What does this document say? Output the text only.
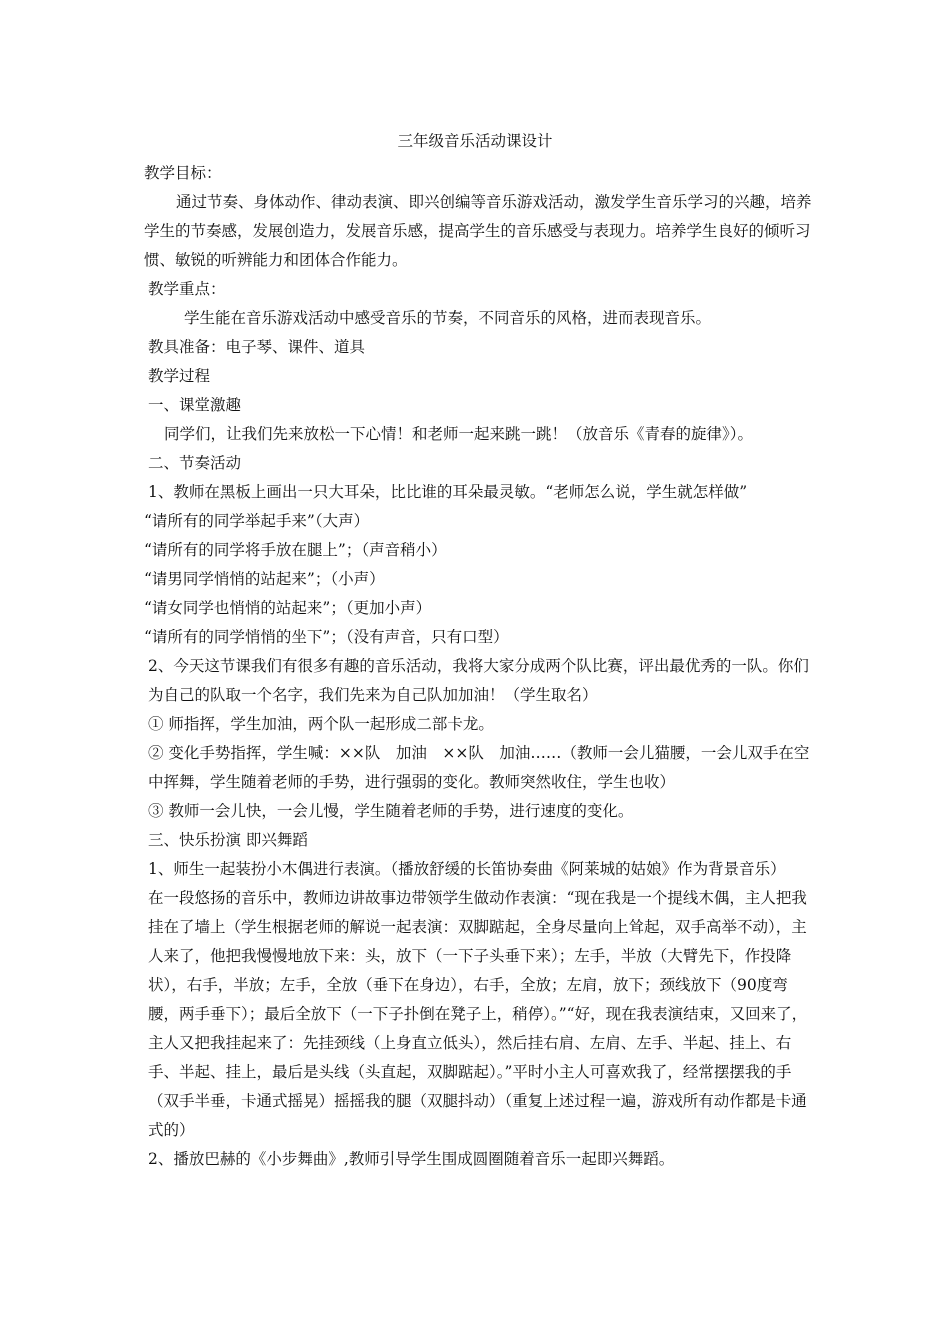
三年级音乐活动课设计

教学目标：

通过节奏、身体动作、律动表演、即兴创编等音乐游戏活动，激发学生音乐学习的兴趣，培养学生的节奏感，发展创造力，发展音乐感，提高学生的音乐感受与表现力。培养学生良好的倾听习惯、敏锐的听辨能力和团体合作能力。

教学重点：

学生能在音乐游戏活动中感受音乐的节奏，不同音乐的风格，进而表现音乐。

教具准备：电子琴、课件、道具

教学过程

一、课堂激趣

同学们，让我们先来放松一下心情！和老师一起来跳一跳！（放音乐《青春的旋律》）。

二、节奏活动

1、教师在黑板上画出一只大耳朵，比比谁的耳朵最灵敏。“老师怎么说，学生就怎样做”

“请所有的同学举起手来”（大声）

“请所有的同学将手放在腿上”；（声音稍小）

“请男同学悄悄的站起来”；（小声）

“请女同学也悄悄的站起来”；（更加小声）

“请所有的同学悄悄的坐下”；（没有声音，只有口型）

2、今天这节课我们有很多有趣的音乐活动，我将大家分成两个队比赛，评出最优秀的一队。你们为自己的队取一个名字，我们先来为自己队加加油！（学生取名）

① 师指挥，学生加油，两个队一起形成二部卡龙。

② 变化手势指挥，学生喊：××队　加油　××队　加油……（教师一会儿猫腰，一会儿双手在空中挥舞，学生随着老师的手势，进行强弱的变化。教师突然收住，学生也收）

③ 教师一会儿快，一会儿慢，学生随着老师的手势，进行速度的变化。

三、快乐扮演 即兴舞蹈

1、师生一起装扮小木偶进行表演。（播放舒缓的长笛协奏曲《阿莱城的姑娘》作为背景音乐）

在一段悠扬的音乐中，教师边讲故事边带领学生做动作表演：“现在我是一个提线木偶，主人把我挂在了墙上（学生根据老师的解说一起表演：双脚踮起，全身尽量向上耸起，双手高举不动），主人来了，他把我慢慢地放下来：头，放下（一下子头垂下来）；左手，半放（大臂先下，作投降状），右手，半放；左手，全放（垂下在身边），右手，全放；左肩，放下；颈线放下（90度弯腰，两手垂下）；最后全放下（一下子扑倒在凳子上，稍停）。”“好，现在我表演结束，又回来了，主人又把我挂起来了：先挂颈线（上身直立低头），然后挂右肩、左肩、左手、半起、挂上、右手、半起、挂上，最后是头线（头直起，双脚踮起）。”平时小主人可喜欢我了，经常摆摆我的手（双手半垂，卡通式摇晃）摇摇我的腿（双腿抖动）（重复上述过程一遍，游戏所有动作都是卡通式的）

2、播放巴赫的《小步舞曲》,教师引导学生围成圆圈随着音乐一起即兴舞蹈。
